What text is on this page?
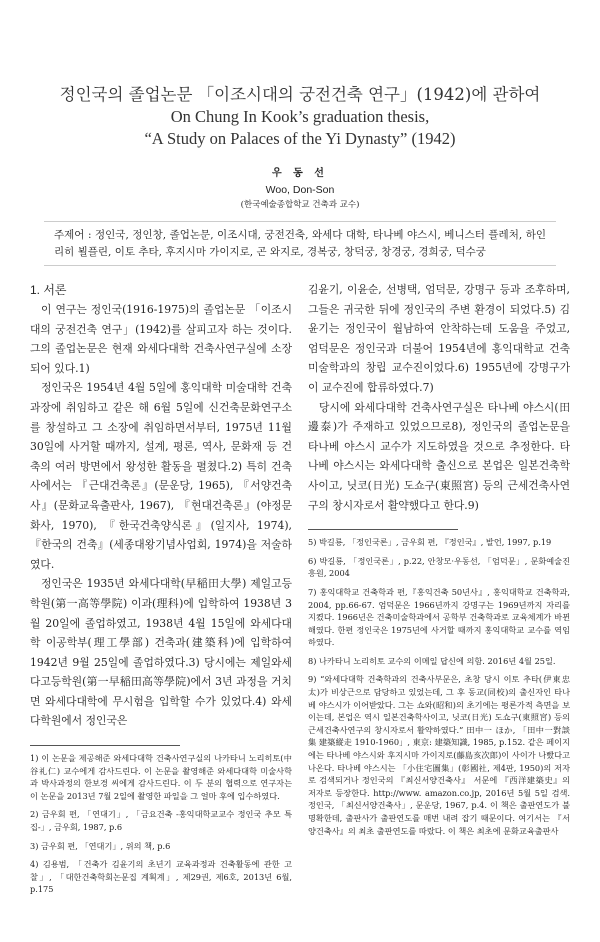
정인국의 졸업논문 「이조시대의 궁전건축 연구」(1942)에 관하여
On Chung In Kook’s graduation thesis,
“A Study on Palaces of the Yi Dynasty” (1942)
우 동 선
Woo, Don-Son
(한국예술종합학교 건축과 교수)
주제어 : 정인국, 정인창, 졸업논문, 이조시대, 궁전건축, 와세다 대학, 타나베 야스시, 베니스터 플레처, 하인리히 뵐플린, 이토 추타, 후지시마 가이지로, 곤 와지로, 경복궁, 창덕궁, 창경궁, 경희궁, 덕수궁
1. 서론

이 연구는 정인국(1916-1975)의 졸업논문 「이조시대의 궁전건축 연구」(1942)를 살피고자 하는 것이다. 그의 졸업논문은 현재 와세다대학 건축사연구실에 소장되어 있다.1)

정인국은 1954년 4월 5일에 홍익대학 미술대학 건축과장에 취임하고 같은 해 6월 5일에 신건축문화연구소를 창설하고 그 소장에 취임하면서부터, 1975년 11월 30일에 사거할 때까지, 설계, 평론, 역사, 문화재 등 건축의 여러 방면에서 왕성한 활동을 펼쳤다.2) 특히 건축사에서는 『근대건축론』(문운당, 1965), 『서양건축사』(문화교육출판사, 1967), 『현대건축론』(야정문화사, 1970), 『한국건축양식론』(일지사, 1974), 『한국의 건축』(세종대왕기념사업회, 1974)을 저술하였다.

정인국은 1935년 와세다대학(早稲田大學) 제일고등학원(第一高等學院) 이과(理科)에 입학하여 1938년 3월 20일에 졸업하였고, 1938년 4월 15일에 와세다대학 이공학부(理工學部) 건축과(建築科)에 입학하여 1942년 9월 25일에 졸업하였다.3) 당시에는 제일와세다고등학원(第一早稲田高等學院)에서 3년 과정을 거치면 와세다대학에 무시험을 입학할 수가 있었다.4) 와세다학원에서 정인국은

1) 이 논문을 제공해준 와세다대학 건축사연구실의 나카타니 노리히토(中谷礼仁) 교수에게 감사드린다. 이 논문을 촬영해준 와세다대학 미술사학과 박사과정의 한보경 씨에게 감사드린다. 이 두 분의 협력으로 연구자는 이 논문을 2013년 7월 2일에 촬영한 파일을 그 얼마 후에 입수하였다.
2) 금우회 편, 「연대기」, 「금요건축 -홍익대학교교수 정인국 추모 특집-」, 금우회, 1987, p.6
3) 금우회 편, 「연대기」, 위의 책, p.6
4) 김용범, 「건축가 김윤기의 초년기 교육과정과 건축활동에 관한 고찰」, 「대한건축학회논문집 계획계」, 제29권, 제6호, 2013년 6월, p.175

김윤기, 이윤순, 선병택, 엄덕문, 강명구 등과 조후하며, 그들은 귀국한 뒤에 정인국의 주변 환경이 되었다.5) 김윤기는 정인국이 월남하여 안착하는데 도움을 주었고, 엄덕문은 정인국과 더불어 1954년에 홍익대학교 건축미술학과의 창립 교수진이었다.6) 1955년에 강명구가 이 교수진에 합류하였다.7)

당시에 와세다대학 건축사연구실은 타나베 야스시(田邊泰)가 주재하고 있었으므로8), 정인국의 졸업논문을 타나베 야스시 교수가 지도하였을 것으로 추정한다. 타나베 야스시는 와세다대학 출신으로 본업은 일본건축학사이고, 닛코(日光) 도쇼구(東照宮) 등의 근세건축사연구의 창시자로서 활약했다고 한다.9)

5) 박길룡, 「정인국론」, 금우회 편, 『정인국』, 발언, 1997, p.19
6) 박길룡, 「정인국론」, p.22, 안창모·우동선, 「엄덕문」, 문화예술진흥원, 2004
7) 홍익대학교 건축학과 편,『홍익건축 50년사』, 홍익대학교 건축학과, 2004, pp.66-67. 엄덕문은 1966년까지 강명구는 1969년까지 자리를 지켰다. 1966년은 건축미술학과에서 공학부 건축학과로 교육체계가 바뀐 해였다. 한편 정인국은 1975년에 사거할 때까지 홍익대학교 교수를 역임하였다.
8) 나카타니 노리히토 교수의 이메일 답신에 의함. 2016년 4월 25일.
9) “와세다대학 건축학과의 건축사부문은, 초창 당시 이토 추타(伊東忠太)가 비상근으로 담당하고 있었는데, 그 후 동교(同校)의 출신자인 타나베 야스시가 이어받았다. 그는 쇼와(昭和)의 초기에는 평론가적 측면을 보이는데, 본업은 역시 일본건축학사이고, 닛코(日光) 도쇼구(東照宮) 등의 근세건축사연구의 창시자로서 활약하였다.” 田中一 ほか, 「田中一對談集 建築縱走 1910-1960」, 東京: 建築知識, 1985, p.152. 같은 페이지에는 타나베 야스시와 후지시마 가이지로(藤島亥次郎)이 사이가 나빴다고 나온다. 타나베 야스시는 「小住宅圖集」(彰國社, 제4판, 1950)의 저자로 검색되거나 정인국의 『최신서양건축사』 서문에 『西洋建築史』의 저자로 등장한다. http://www. amazon.co.jp, 2016년 5월 5일 검색. 정인국, 「최신서양건축사」, 문운당, 1967, p.4. 이 책은 출판연도가 불명확한데, 출판사가 출판연도를 매번 내려 잡기 때문이다. 여기서는 『서양건축사』의 최초 출판연도를 따랐다. 이 책은 최초에 문화교육출판사
